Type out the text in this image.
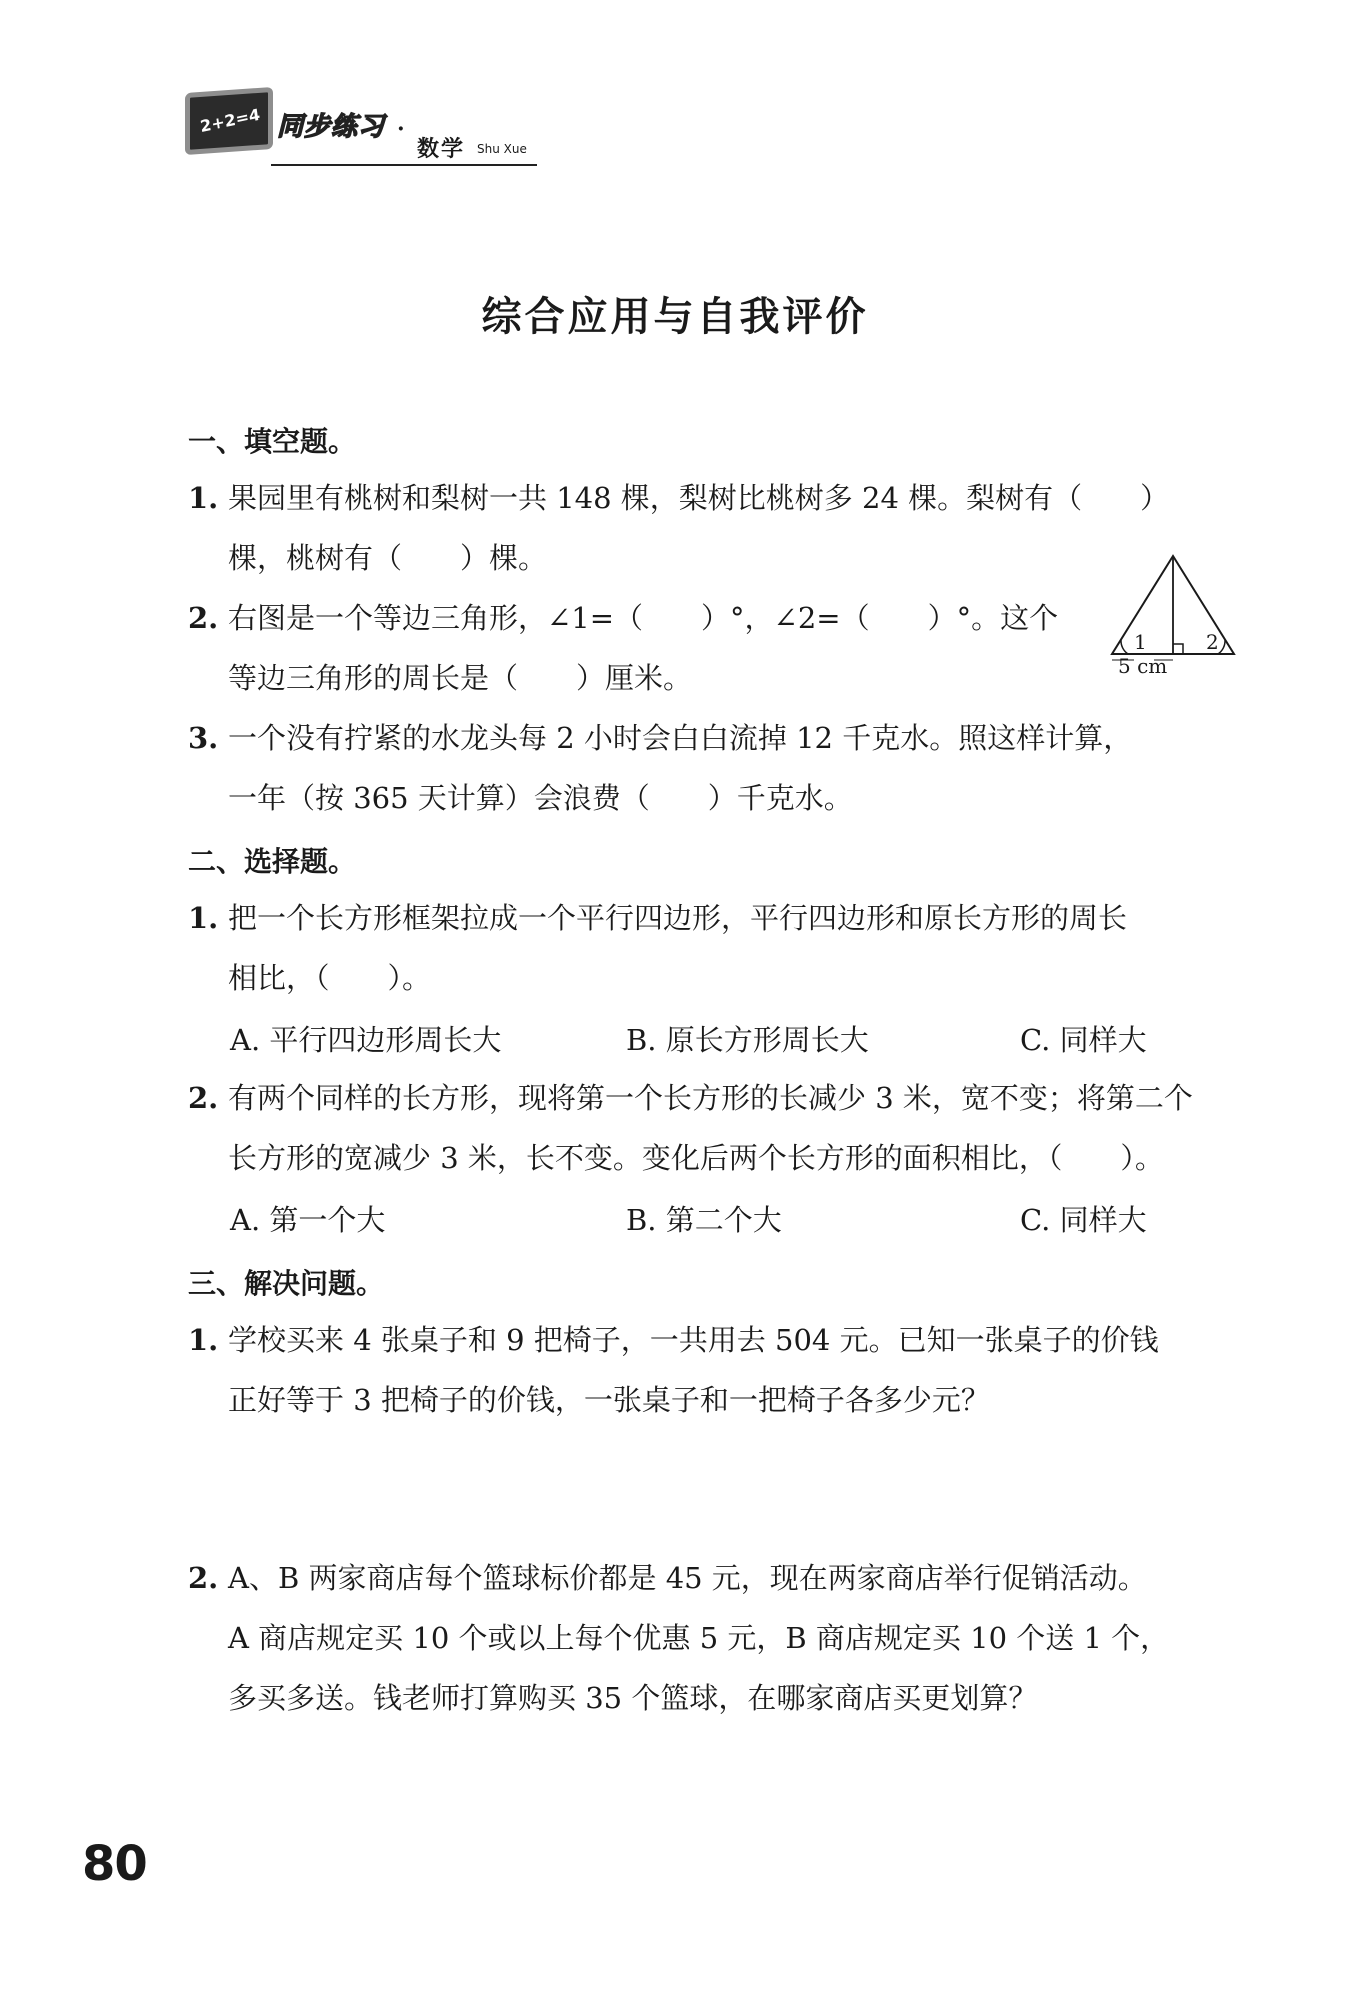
2+2=4 同步练习 ·
数学 Shu Xue
综合应用与自我评价
一、填空题。
1. 果园里有桃树和梨树一共 148 棵，梨树比桃树多 24 棵。梨树有（　　）
棵，桃树有（　　）棵。
2. 右图是一个等边三角形，∠1=（　　）°，∠2=（　　）°。这个
等边三角形的周长是（　　）厘米。
1	2
5 cm
3. 一个没有拧紧的水龙头每 2 小时会白白流掉 12 千克水。照这样计算，
一年（按 365 天计算）会浪费（　　）千克水。
二、选择题。
1. 把一个长方形框架拉成一个平行四边形，平行四边形和原长方形的周长
相比，（　　）。
A. 平行四边形周长大	B. 原长方形周长大	C. 同样大
2. 有两个同样的长方形，现将第一个长方形的长减少 3 米，宽不变；将第二个
长方形的宽减少 3 米，长不变。变化后两个长方形的面积相比，（　　）。
A. 第一个大	B. 第二个大	C. 同样大
三、解决问题。
1. 学校买来 4 张桌子和 9 把椅子，一共用去 504 元。已知一张桌子的价钱
正好等于 3 把椅子的价钱，一张桌子和一把椅子各多少元？
2. A、B 两家商店每个篮球标价都是 45 元，现在两家商店举行促销活动。
A 商店规定买 10 个或以上每个优惠 5 元，B 商店规定买 10 个送 1 个，
多买多送。钱老师打算购买 35 个篮球，在哪家商店买更划算？
80
